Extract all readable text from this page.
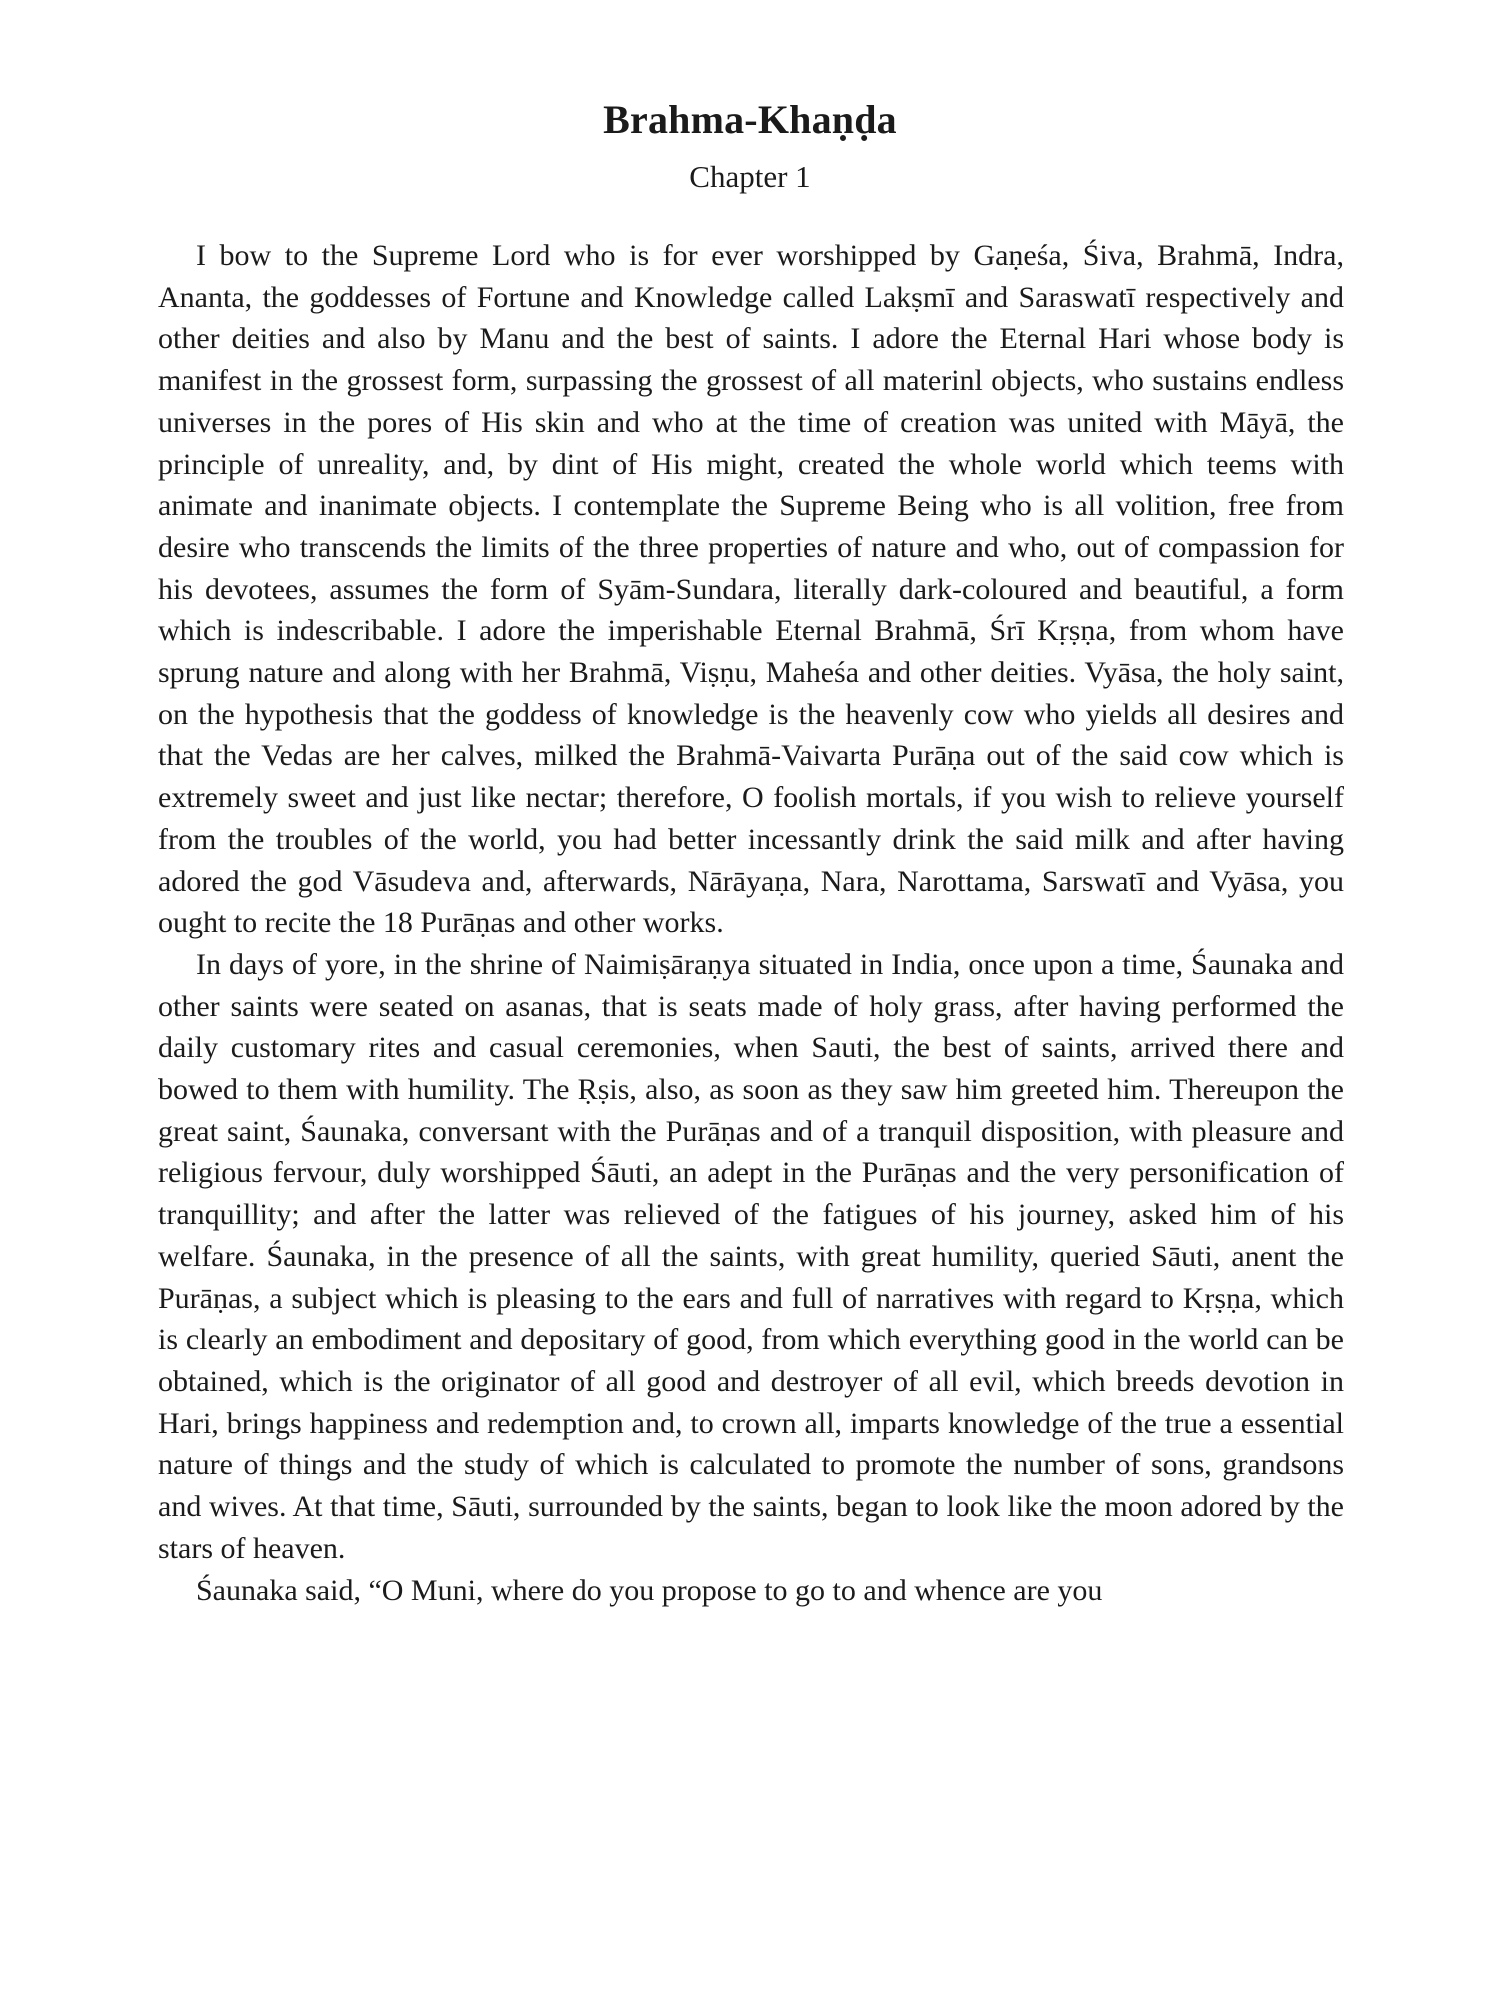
Brahma-Khaṇḍa
Chapter 1

I bow to the Supreme Lord who is for ever worshipped by Gaṇeśa, Śiva, Brahmā, Indra, Ananta, the goddesses of Fortune and Knowledge called Lakṣmī and Saraswatī respectively and other deities and also by Manu and the best of saints. I adore the Eternal Hari whose body is manifest in the grossest form, surpassing the grossest of all materinl objects, who sustains endless universes in the pores of His skin and who at the time of creation was united with Māyā, the principle of unreality, and, by dint of His might, created the whole world which teems with animate and inanimate objects. I contemplate the Supreme Being who is all volition, free from desire who transcends the limits of the three properties of nature and who, out of compassion for his devotees, assumes the form of Syām-Sundara, literally dark-coloured and beautiful, a form which is indescribable. I adore the imperishable Eternal Brahmā, Śrī Kṛṣṇa, from whom have sprung nature and along with her Brahmā, Viṣṇu, Maheśa and other deities. Vyāsa, the holy saint, on the hypothesis that the goddess of knowledge is the heavenly cow who yields all desires and that the Vedas are her calves, milked the Brahmā-Vaivarta Purāṇa out of the said cow which is extremely sweet and just like nectar; therefore, O foolish mortals, if you wish to relieve yourself from the troubles of the world, you had better incessantly drink the said milk and after having adored the god Vāsudeva and, afterwards, Nārāyaṇa, Nara, Narottama, Sarswatī and Vyāsa, you ought to recite the 18 Purāṇas and other works.

In days of yore, in the shrine of Naimiṣāraṇya situated in India, once upon a time, Śaunaka and other saints were seated on asanas, that is seats made of holy grass, after having performed the daily customary rites and casual ceremonies, when Sauti, the best of saints, arrived there and bowed to them with humility. The Ṛṣis, also, as soon as they saw him greeted him. Thereupon the great saint, Śaunaka, conversant with the Purāṇas and of a tranquil disposition, with pleasure and religious fervour, duly worshipped Śāuti, an adept in the Purāṇas and the very personification of tranquillity; and after the latter was relieved of the fatigues of his journey, asked him of his welfare. Śaunaka, in the presence of all the saints, with great humility, queried Sāuti, anent the Purāṇas, a subject which is pleasing to the ears and full of narratives with regard to Kṛṣṇa, which is clearly an embodiment and depositary of good, from which everything good in the world can be obtained, which is the originator of all good and destroyer of all evil, which breeds devotion in Hari, brings happiness and redemption and, to crown all, imparts knowledge of the true a essential nature of things and the study of which is calculated to promote the number of sons, grandsons and wives. At that time, Sāuti, surrounded by the saints, began to look like the moon adored by the stars of heaven.

Śaunaka said, “O Muni, where do you propose to go to and whence are you
